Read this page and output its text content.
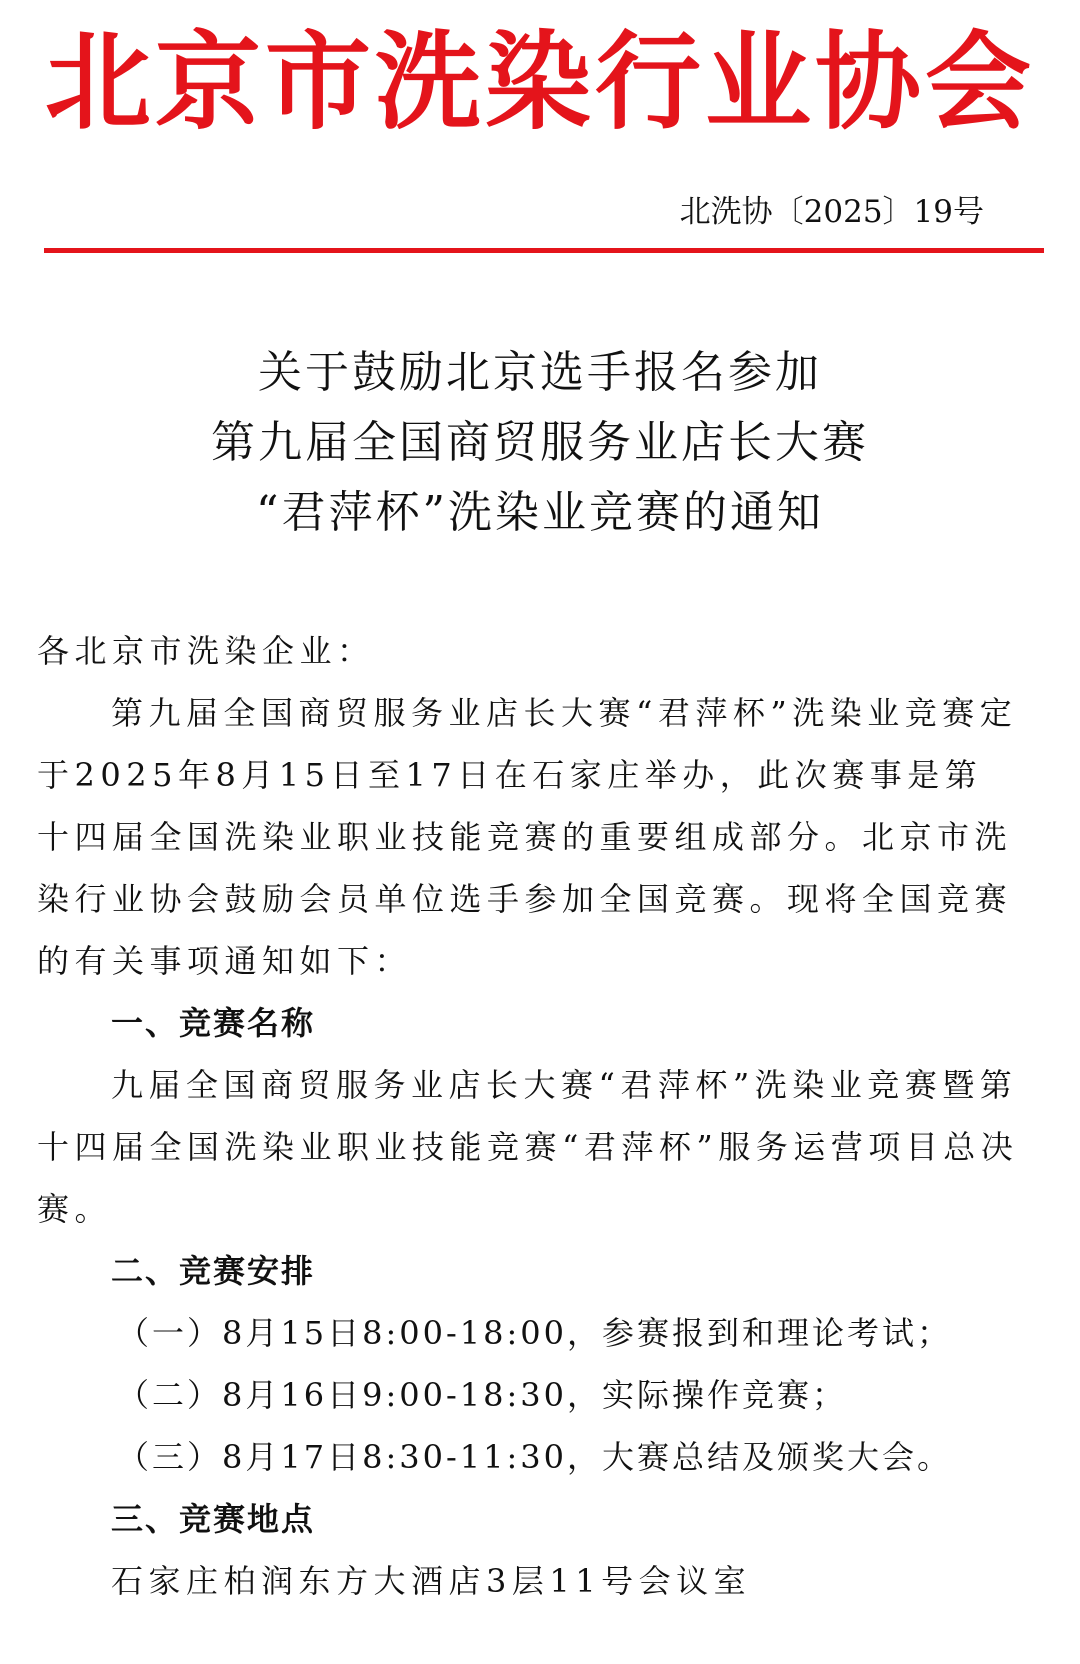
北京市洗染行业协会
北洗协〔2025〕19号
关于鼓励北京选手报名参加
第九届全国商贸服务业店长大赛
“君萍杯”洗染业竞赛的通知

各北京市洗染企业：

第九届全国商贸服务业店长大赛“君萍杯”洗染业竞赛定于2025年8月15日至17日在石家庄举办，此次赛事是第十四届全国洗染业职业技能竞赛的重要组成部分。北京市洗染行业协会鼓励会员单位选手参加全国竞赛。现将全国竞赛的有关事项通知如下：

一、竞赛名称

九届全国商贸服务业店长大赛“君萍杯”洗染业竞赛暨第十四届全国洗染业职业技能竞赛“君萍杯”服务运营项目总决赛。

二、竞赛安排

（一）8月15日8:00-18:00，参赛报到和理论考试；

（二）8月16日9:00-18:30，实际操作竞赛；

（三）8月17日8:30-11:30，大赛总结及颁奖大会。

三、竞赛地点

石家庄柏润东方大酒店3层11号会议室
